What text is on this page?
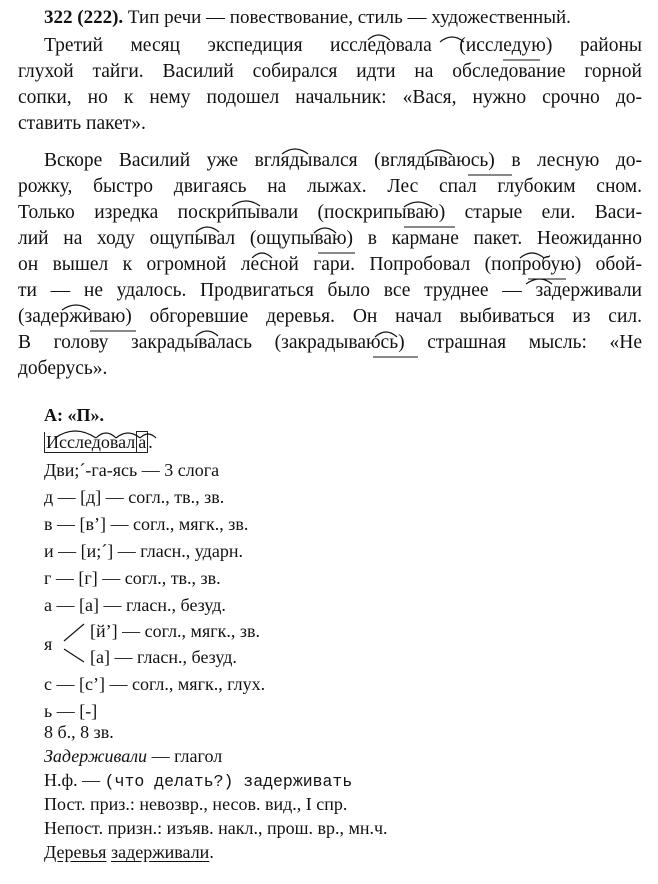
322 (222). Тип речи — повествование, стиль — художественный.
Третий месяц экспедиция исследовала (исследую) районы
глухой тайги. Василий собирался идти на обследование горной
сопки, но к нему подошел начальник: «Вася, нужно срочно до-
ставить пакет».
Вскоре Василий уже вглядывался (вглядываюсь) в лесную до-
рожку, быстро двигаясь на лыжах. Лес спал глубоким сном.
Только изредка поскрипывали (поскрипываю) старые ели. Васи-
лий на ходу ощупывал (ощупываю) в кармане пакет. Неожиданно
он вышел к огромной лесной гари. Попробовал (попробую) обой-
ти — не удалось. Продвигаться было все труднее — задерживали
(задерживаю) обгоревшие деревья. Он начал выбиваться из сил.
В голову закрадывалась (закрадываюсь) страшная мысль: «Не
доберусь».
А: «П».
Исследовал а .
Дви;´-га-ясь — 3 слога
д — [д] — согл., тв., зв.
в — [в’] — согл., мягк., зв.
и — [и;´] — гласн., ударн.
г — [г] — согл., тв., зв.
а — [а] — гласн., безуд.
я
[й’] — согл., мягк., зв.
[а] — гласн., безуд.
с — [с’] — согл., мягк., глух.
ь — [-]
8 б., 8 зв.
Задерживали — глагол
Н.ф. — (что делать?) задерживать
Пост. приз.: невозвр., несов. вид., I спр.
Непост. призн.: изъяв. накл., прош. вр., мн.ч.
Деревья задерживали.
